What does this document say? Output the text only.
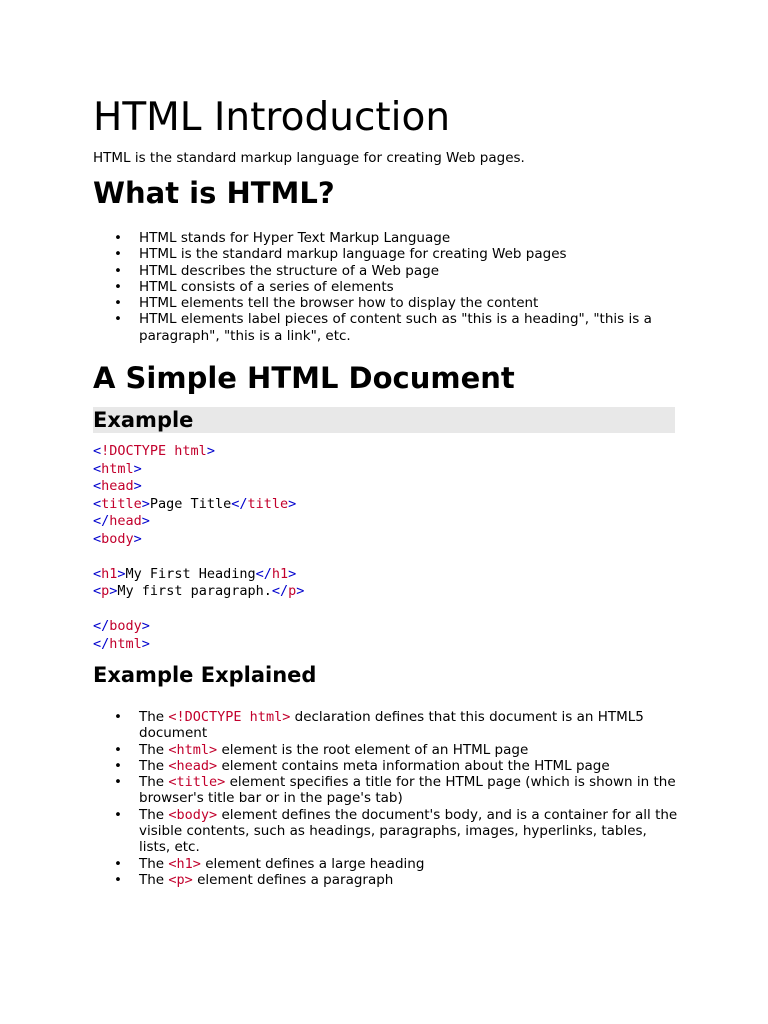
HTML Introduction

HTML is the standard markup language for creating Web pages.

What is HTML?
• HTML stands for Hyper Text Markup Language
• HTML is the standard markup language for creating Web pages
• HTML describes the structure of a Web page
• HTML consists of a series of elements
• HTML elements tell the browser how to display the content
• HTML elements label pieces of content such as "this is a heading", "this is a paragraph", "this is a link", etc.
A Simple HTML Document
Example
<!DOCTYPE html>
<html>
<head>
<title>Page Title</title>
</head>
<body>

<h1>My First Heading</h1>
<p>My first paragraph.</p>

</body>
</html>
Example Explained
• The <!DOCTYPE html> declaration defines that this document is an HTML5 document
• The <html> element is the root element of an HTML page
• The <head> element contains meta information about the HTML page
• The <title> element specifies a title for the HTML page (which is shown in the browser's title bar or in the page's tab)
• The <body> element defines the document's body, and is a container for all the visible contents, such as headings, paragraphs, images, hyperlinks, tables, lists, etc.
• The <h1> element defines a large heading
• The <p> element defines a paragraph
